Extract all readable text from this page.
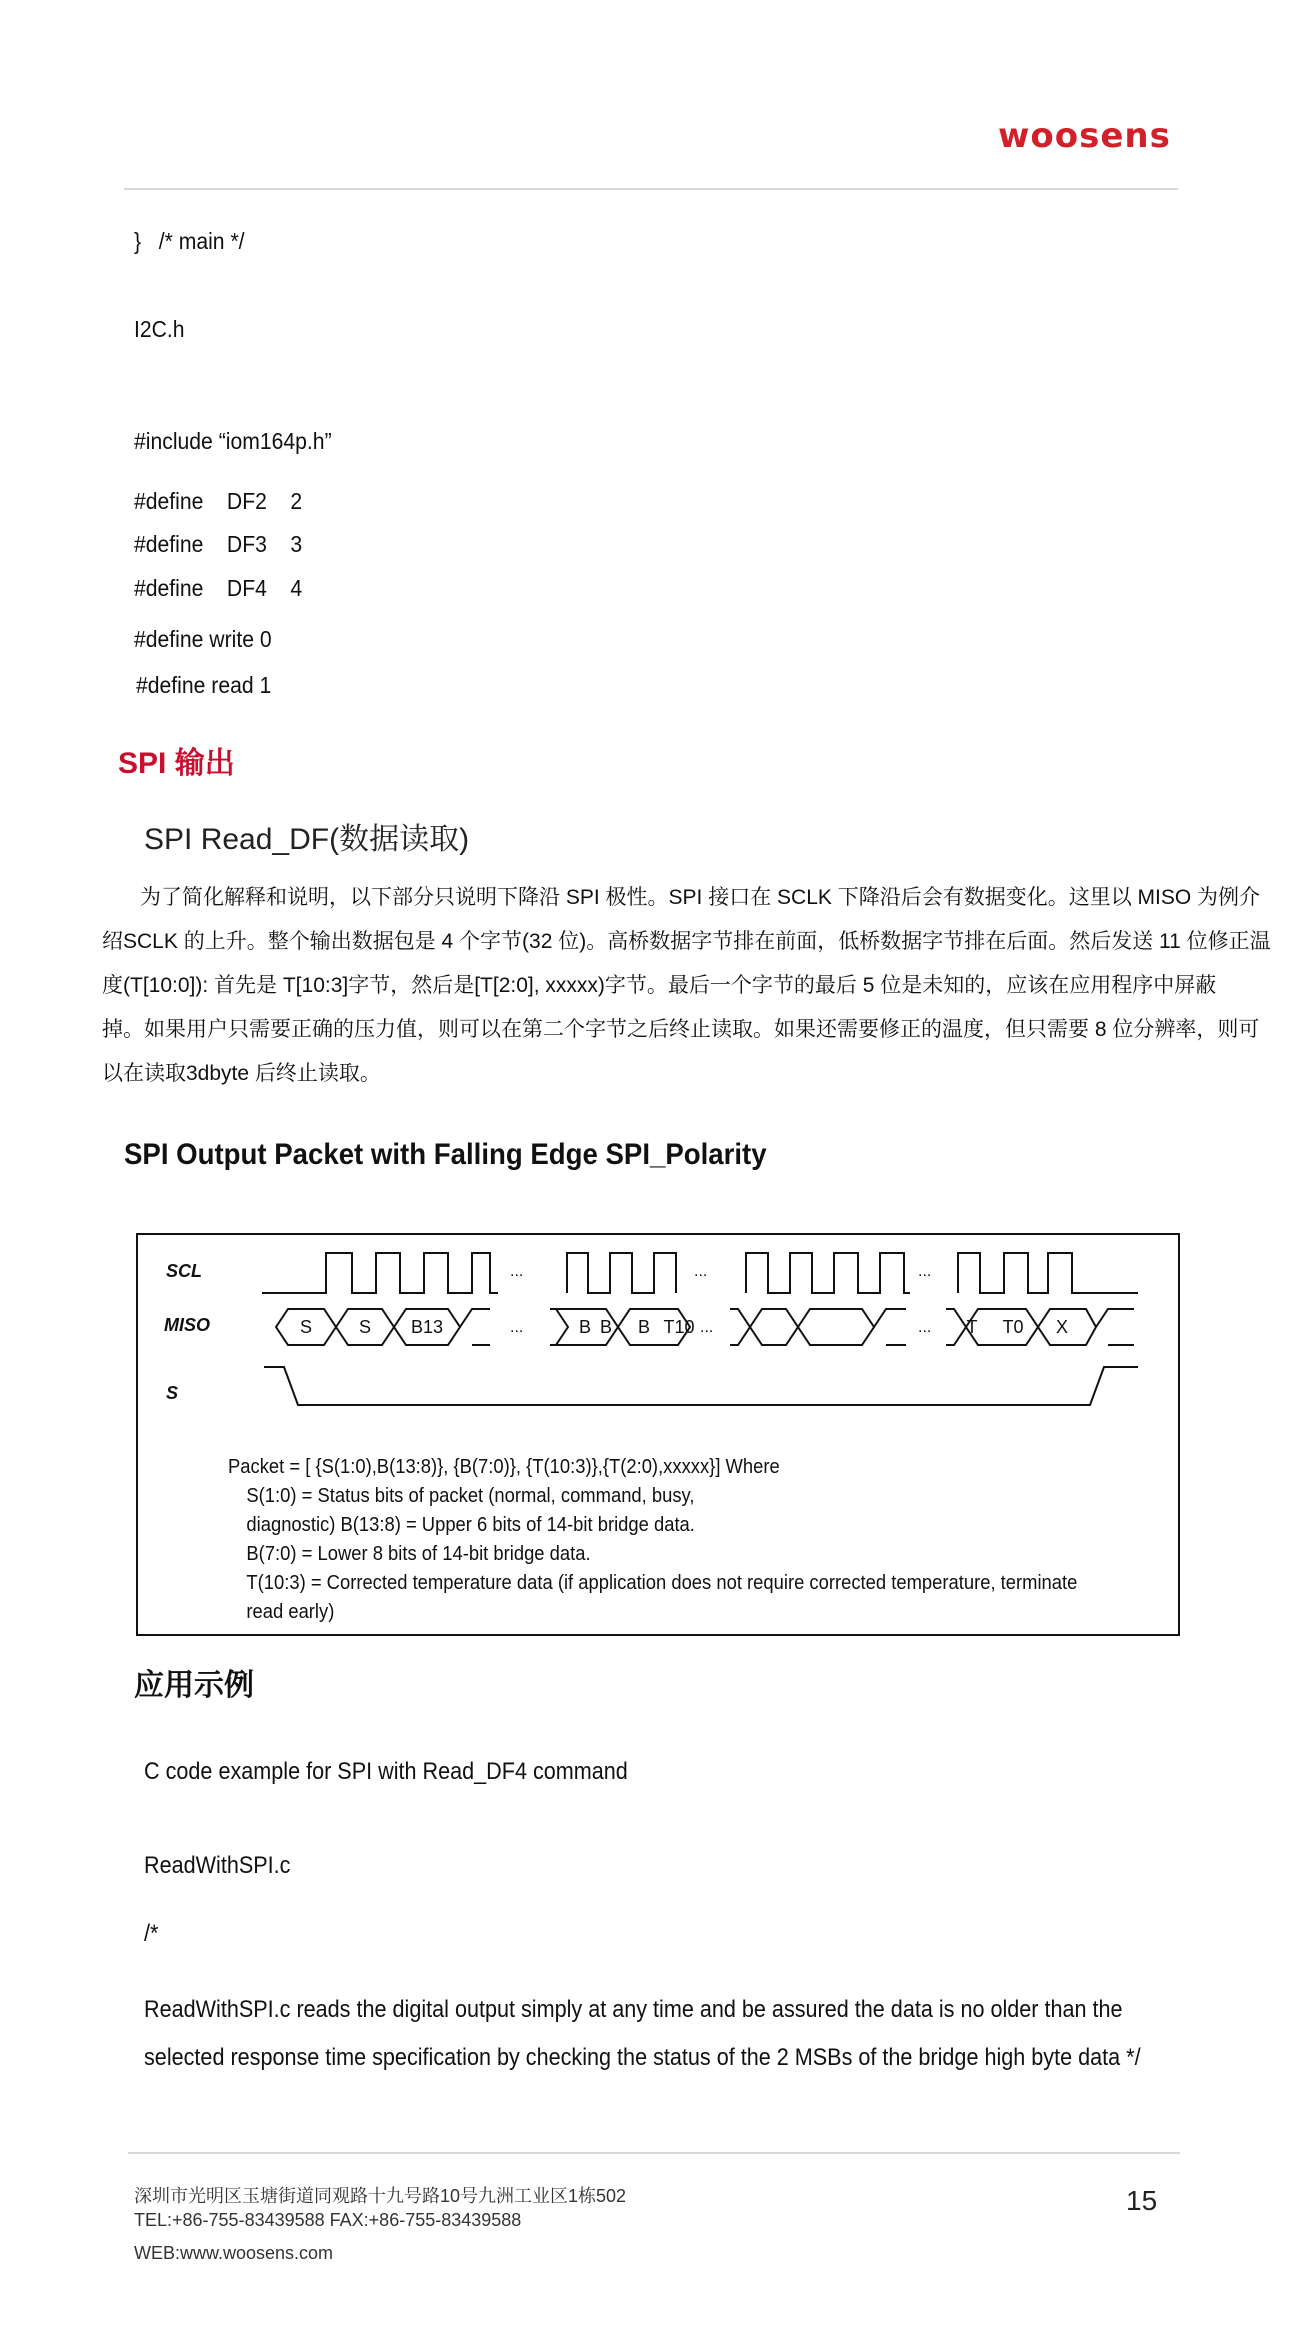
woosens
}   /* main */
I2C.h
#include “iom164p.h”
#define    DF2    2
#define    DF3    3
#define    DF4    4
#define write 0
#define read 1
SPI 输出
SPI Read_DF(数据读取)

为了简化解释和说明，以下部分只说明下降沿 SPI 极性。SPI 接口在 SCLK 下降沿后会有数据变化。这里以 MISO 为例介

绍SCLK 的上升。整个输出数据包是 4 个字节(32 位)。高桥数据字节排在前面，低桥数据字节排在后面。然后发送 11 位修正温

度(T[10:0]): 首先是 T[10:3]字节，然后是[T[2:0], xxxxx)字节。最后一个字节的最后 5 位是未知的，应该在应用程序中屏蔽

掉。如果用户只需要正确的压力值，则可以在第二个字节之后终止读取。如果还需要修正的温度，但只需要 8 位分辨率，则可

以在读取3dbyte 后终止读取。

SPI Output Packet with Falling Edge SPI_Polarity
SCL
MISO
S
...	...	...
...	...	...
S	S	B13	B B B T10	T T0 X
Packet = [ {S(1:0),B(13:8)}, {B(7:0)}, {T(10:3)},{T(2:0),xxxxx}] Where
S(1:0) = Status bits of packet (normal, command, busy,
diagnostic) B(13:8) = Upper 6 bits of 14-bit bridge data.
B(7:0) = Lower 8 bits of 14-bit bridge data.
T(10:3) = Corrected temperature data (if application does not require corrected temperature, terminate
read early)
应用示例
C code example for SPI with Read_DF4 command
ReadWithSPI.c
/*
ReadWithSPI.c reads the digital output simply at any time and be assured the data is no older than the
selected response time specification by checking the status of the 2 MSBs of the bridge high byte data */
深圳市光明区玉塘街道同观路十九号路10号九洲工业区1栋502
TEL:+86-755-83439588 FAX:+86-755-83439588
WEB:www.woosens.com
15
